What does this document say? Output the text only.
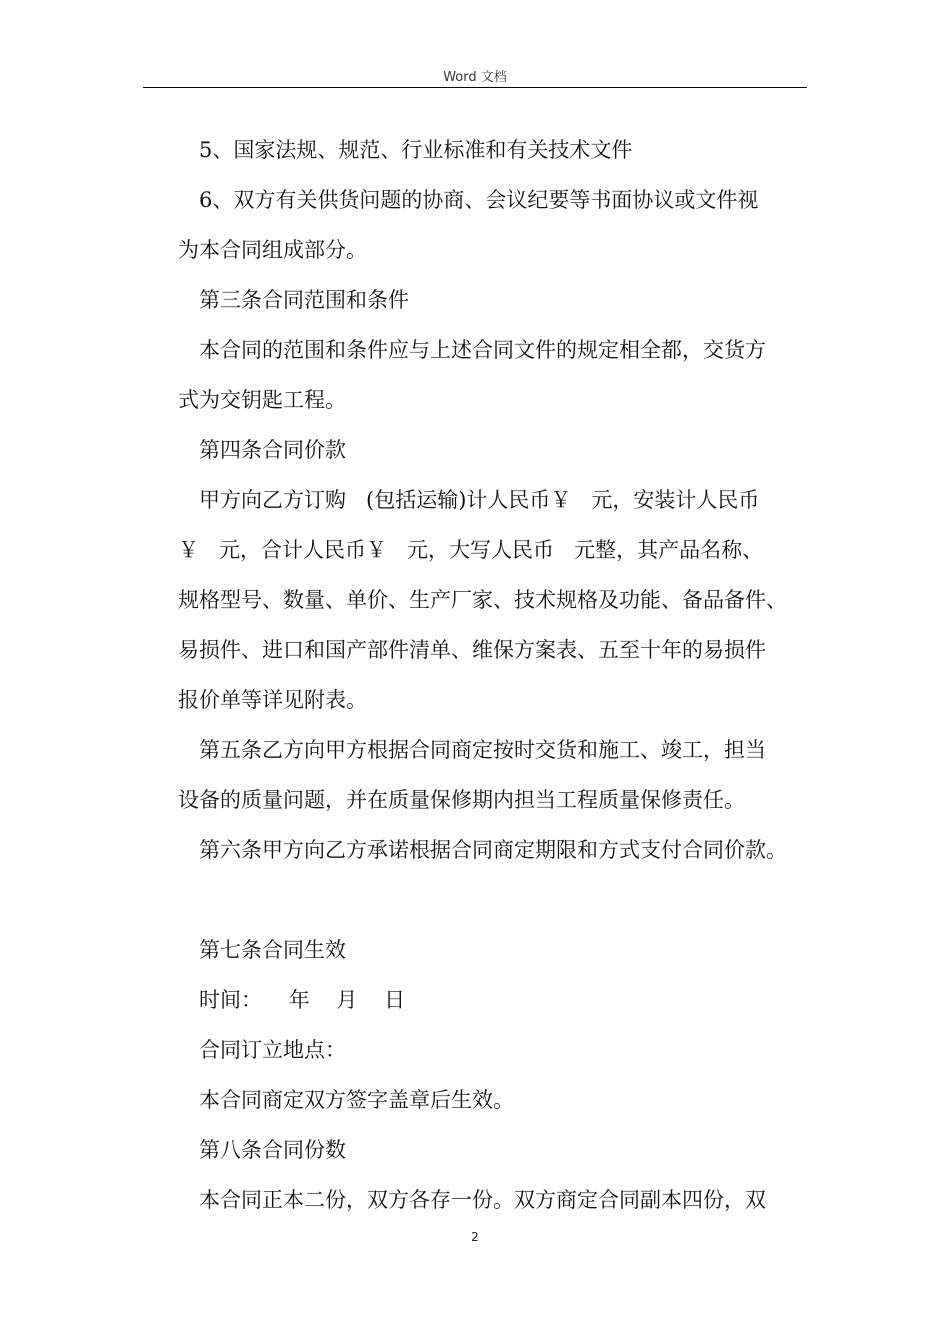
Word 文档
5、国家法规、规范、行业标准和有关技术文件
6、双方有关供货问题的协商、会议纪要等书面协议或文件视
为本合同组成部分。
第三条合同范围和条件
本合同的范围和条件应与上述合同文件的规定相全都，交货方
式为交钥匙工程。
第四条合同价款
甲方向乙方订购   (包括运输)计人民币￥   元，安装计人民币
￥   元，合计人民币￥   元，大写人民币   元整，其产品名称、
规格型号、数量、单价、生产厂家、技术规格及功能、备品备件、
易损件、进口和国产部件清单、维保方案表、五至十年的易损件
报价单等详见附表。
第五条乙方向甲方根据合同商定按时交货和施工、竣工，担当
设备的质量问题，并在质量保修期内担当工程质量保修责任。
第六条甲方向乙方承诺根据合同商定期限和方式支付合同价款。
第七条合同生效
时间：    年    月    日
合同订立地点：
本合同商定双方签字盖章后生效。
第八条合同份数
本合同正本二份，双方各存一份。双方商定合同副本四份，双
2
